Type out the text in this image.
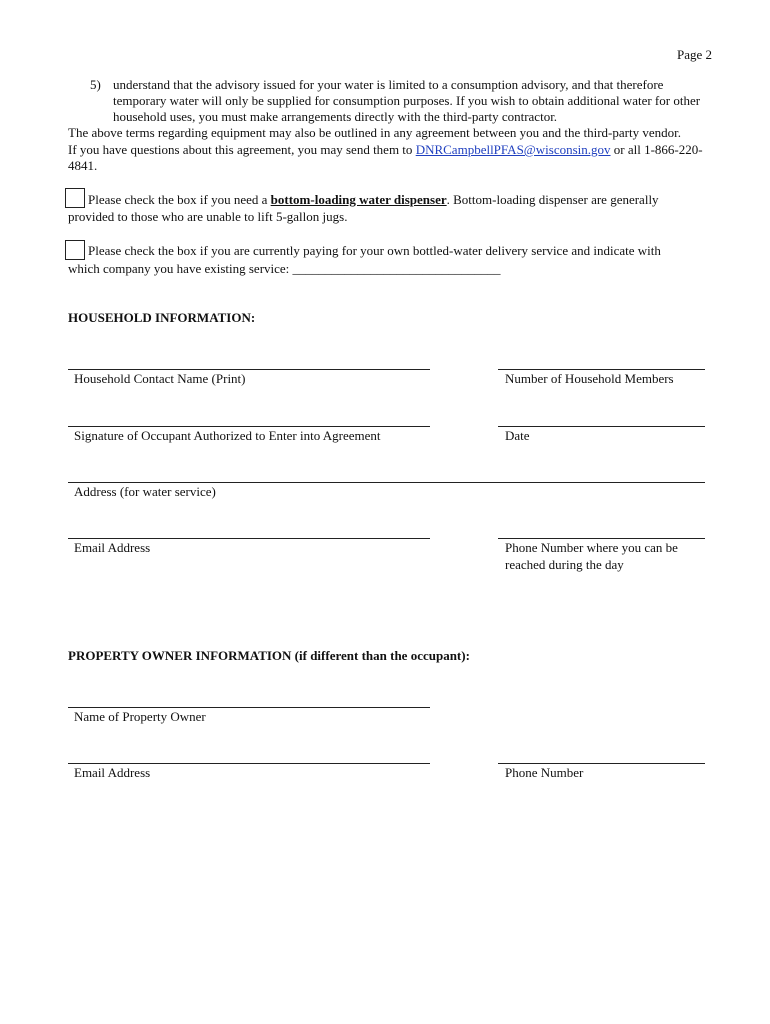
Page 2
5) understand that the advisory issued for your water is limited to a consumption advisory, and that therefore temporary water will only be supplied for consumption purposes. If you wish to obtain additional water for other household uses, you must make arrangements directly with the third-party contractor.
The above terms regarding equipment may also be outlined in any agreement between you and the third-party vendor.
If you have questions about this agreement, you may send them to DNRCampbellPFAS@wisconsin.gov or all 1-866-220-4841.
Please check the box if you need a bottom-loading water dispenser. Bottom-loading dispenser are generally
provided to those who are unable to lift 5-gallon jugs.
Please check the box if you are currently paying for your own bottled-water delivery service and indicate with
which company you have existing service: ________________________________
HOUSEHOLD INFORMATION:
Household Contact Name (Print)	Number of Household Members
Signature of Occupant Authorized to Enter into Agreement	Date
Address (for water service)
Email Address	Phone Number where you can be
reached during the day
PROPERTY OWNER INFORMATION (if different than the occupant):
Name of Property Owner
Email Address	Phone Number
